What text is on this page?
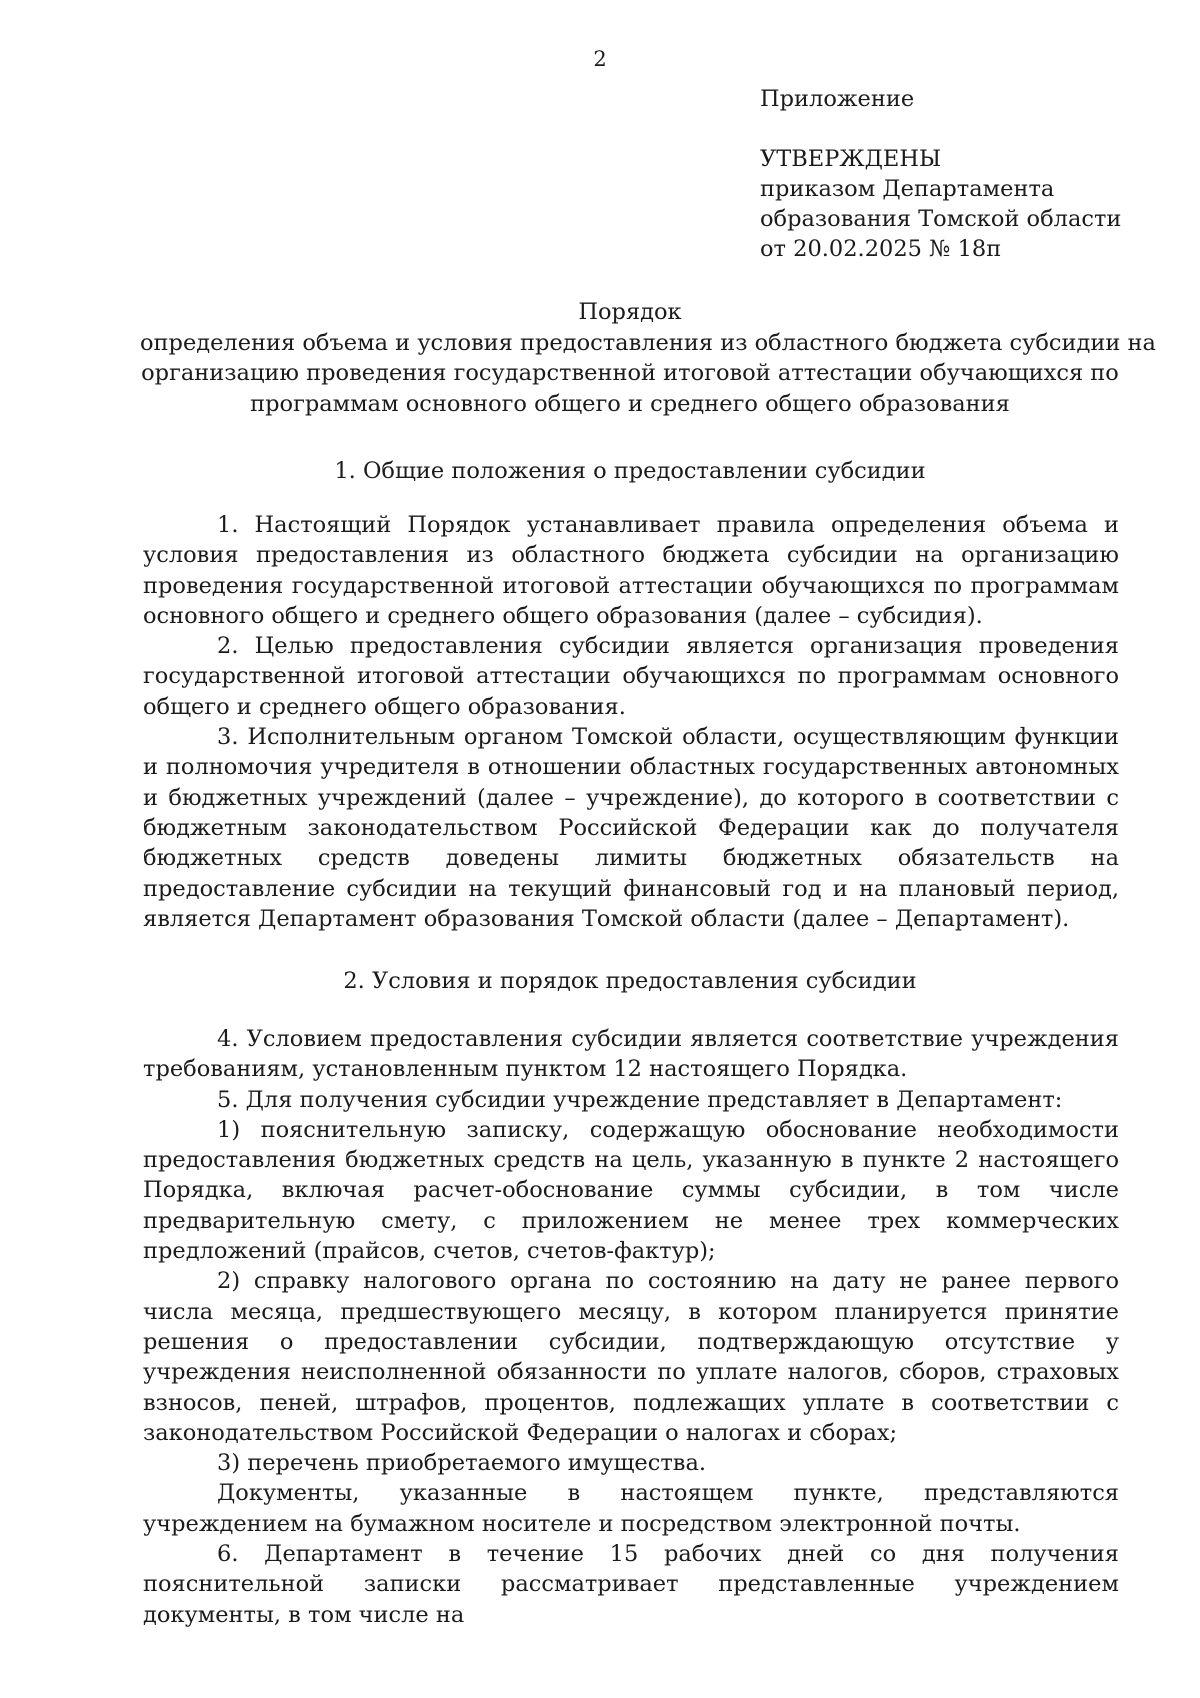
2
Приложение
УТВЕРЖДЕНЫ
приказом Департамента
образования Томской области
от 20.02.2025 № 18п
Порядок
определения объема и условия предоставления из областного бюджета субсидии на
организацию проведения государственной итоговой аттестации обучающихся по
программам основного общего и среднего общего образования
1. Общие положения о предоставлении субсидии

1. Настоящий Порядок устанавливает правила определения объема и условия предоставления из областного бюджета субсидии на организацию проведения государственной итоговой аттестации обучающихся по программам основного общего и среднего общего образования (далее – субсидия).

2. Целью предоставления субсидии является организация проведения государственной итоговой аттестации обучающихся по программам основного общего и среднего общего образования.

3. Исполнительным органом Томской области, осуществляющим функции и полномочия учредителя в отношении областных государственных автономных и бюджетных учреждений (далее – учреждение), до которого в соответствии с бюджетным законодательством Российской Федерации как до получателя бюджетных средств доведены лимиты бюджетных обязательств на предоставление субсидии на текущий финансовый год и на плановый период, является Департамент образования Томской области (далее – Департамент).

2. Условия и порядок предоставления субсидии

4. Условием предоставления субсидии является соответствие учреждения требованиям, установленным пунктом 12 настоящего Порядка.

5. Для получения субсидии учреждение представляет в Департамент:

1) пояснительную записку, содержащую обоснование необходимости предоставления бюджетных средств на цель, указанную в пункте 2 настоящего Порядка, включая расчет-обоснование суммы субсидии, в том числе предварительную смету, с приложением не менее трех коммерческих предложений (прайсов, счетов, счетов-фактур);

2) справку налогового органа по состоянию на дату не ранее первого числа месяца, предшествующего месяцу, в котором планируется принятие решения о предоставлении субсидии, подтверждающую отсутствие у учреждения неисполненной обязанности по уплате налогов, сборов, страховых взносов, пеней, штрафов, процентов, подлежащих уплате в соответствии с законодательством Российской Федерации о налогах и сборах;

3) перечень приобретаемого имущества.

Документы, указанные в настоящем пункте, представляются учреждением на бумажном носителе и посредством электронной почты.

6. Департамент в течение 15 рабочих дней со дня получения пояснительной записки рассматривает представленные учреждением документы, в том числе на
